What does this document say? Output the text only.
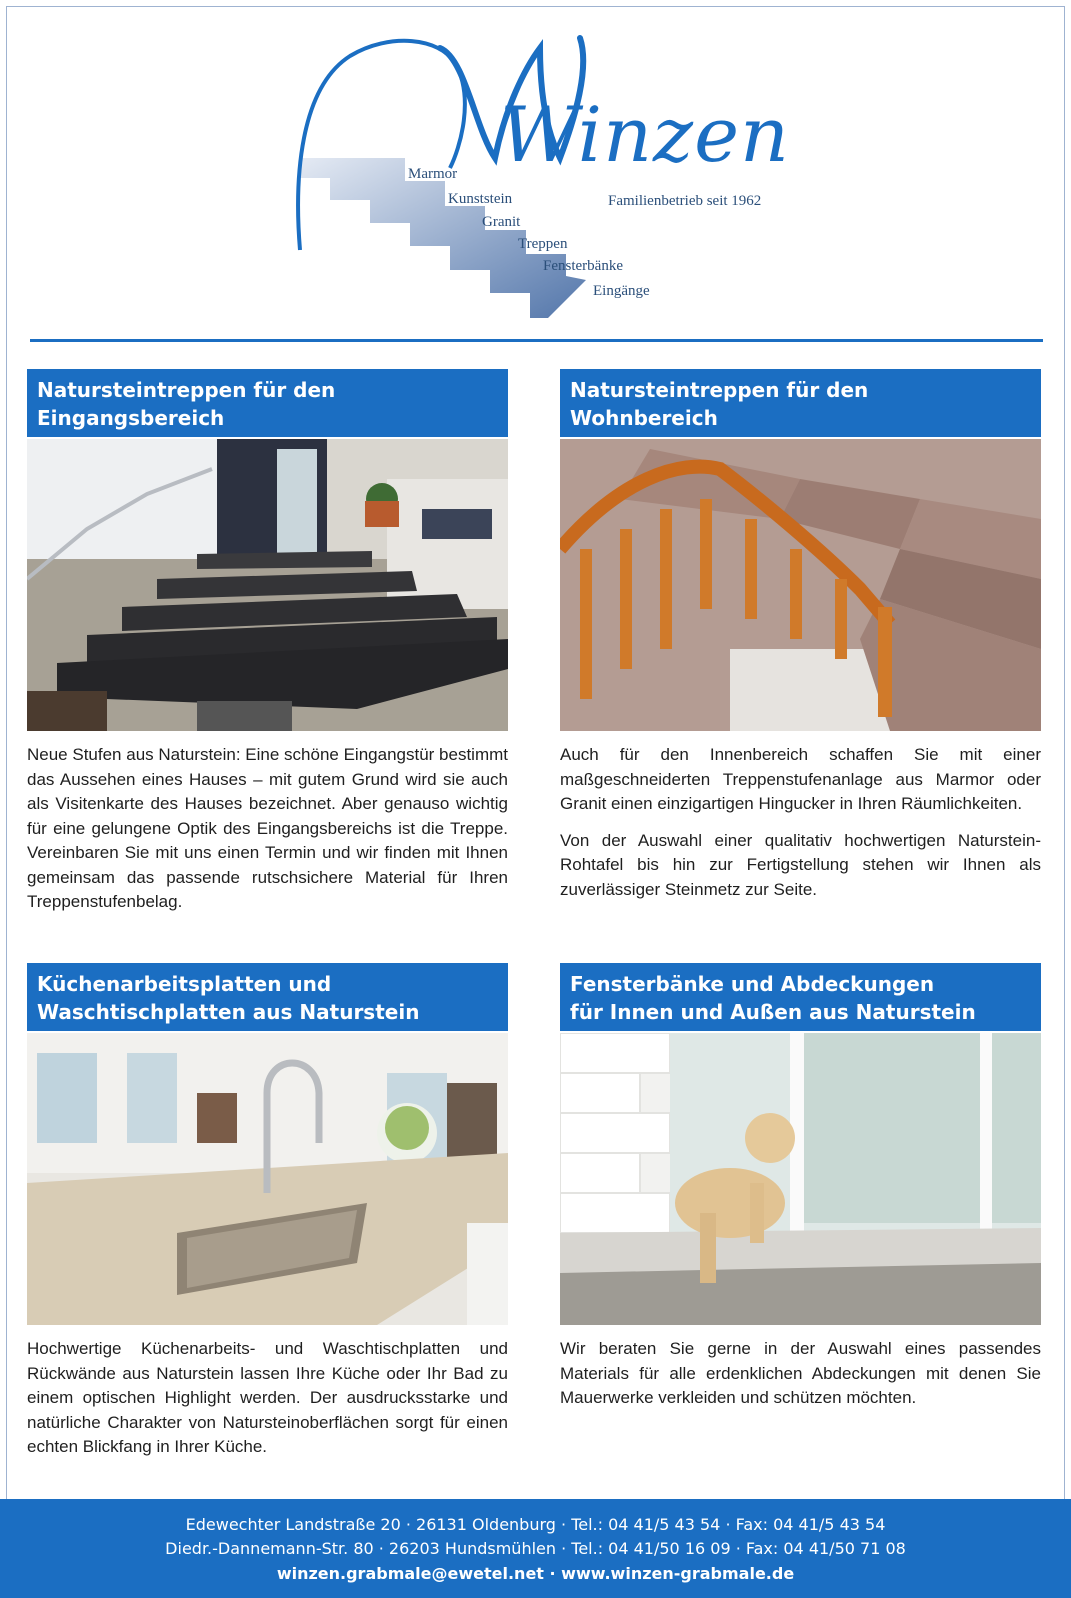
Winzen
Familienbetrieb seit 1962
Marmor
Kunststein
Granit
Treppen
Fensterbänke
Eingänge
Natursteintreppen für den
Eingangsbereich

Neue Stufen aus Naturstein: Eine schöne Eingangstür bestimmt das Aussehen eines Hauses – mit gutem Grund wird sie auch als Visitenkarte des Hauses bezeichnet. Aber genauso wichtig für eine gelungene Optik des Eingangsbereichs ist die Treppe. Vereinbaren Sie mit uns einen Termin und wir finden mit Ihnen gemeinsam das passende rutschsichere Material für Ihren Treppenstufenbelag.

Natursteintreppen für den
Wohnbereich

Auch für den Innenbereich schaffen Sie mit einer maßgeschneiderten Treppenstufenanlage aus Marmor oder Granit einen einzigartigen Hingucker in Ihren Räumlichkeiten.

Von der Auswahl einer qualitativ hochwertigen Naturstein-Rohtafel bis hin zur Fertigstellung stehen wir Ihnen als zuverlässiger Steinmetz zur Seite.

Küchenarbeitsplatten und
Waschtischplatten aus Naturstein

Hochwertige Küchenarbeits- und Waschtischplatten und Rückwände aus Naturstein lassen Ihre Küche oder Ihr Bad zu einem optischen Highlight werden. Der ausdrucksstarke und natürliche Charakter von Natursteinoberflächen sorgt für einen echten Blickfang in Ihrer Küche.

Fensterbänke und Abdeckungen
für Innen und Außen aus Naturstein

Wir beraten Sie gerne in der Auswahl eines passendes Materials für alle erdenklichen Abdeckungen mit denen Sie Mauerwerke verkleiden und schützen möchten.

Edewechter Landstraße 20 · 26131 Oldenburg · Tel.: 04 41/5 43 54 · Fax: 04 41/5 43 54
Diedr.-Dannemann-Str. 80 · 26203 Hundsmühlen · Tel.: 04 41/50 16 09 · Fax: 04 41/50 71 08
winzen.grabmale@ewetel.net · www.winzen-grabmale.de
